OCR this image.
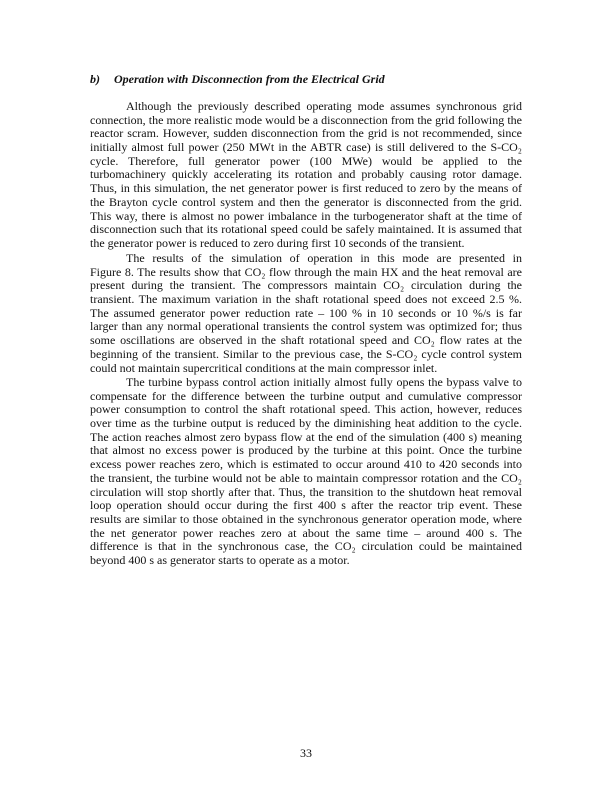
b) Operation with Disconnection from the Electrical Grid
Although the previously described operating mode assumes synchronous grid
connection, the more realistic mode would be a disconnection from the grid following the
reactor scram. However, sudden disconnection from the grid is not recommended, since
initially almost full power (250 MWt in the ABTR case) is still delivered to the S-CO₂
cycle. Therefore, full generator power (100 MWe) would be applied to the
turbomachinery quickly accelerating its rotation and probably causing rotor damage.
Thus, in this simulation, the net generator power is first reduced to zero by the means of
the Brayton cycle control system and then the generator is disconnected from the grid.
This way, there is almost no power imbalance in the turbogenerator shaft at the time of
disconnection such that its rotational speed could be safely maintained. It is assumed that
the generator power is reduced to zero during first 10 seconds of the transient.
The results of the simulation of operation in this mode are presented in
Figure 8. The results show that CO₂ flow through the main HX and the heat removal are
present during the transient. The compressors maintain CO₂ circulation during the
transient. The maximum variation in the shaft rotational speed does not exceed 2.5 %.
The assumed generator power reduction rate – 100 % in 10 seconds or 10 %/s is far
larger than any normal operational transients the control system was optimized for; thus
some oscillations are observed in the shaft rotational speed and CO₂ flow rates at the
beginning of the transient. Similar to the previous case, the S-CO₂ cycle control system
could not maintain supercritical conditions at the main compressor inlet.
The turbine bypass control action initially almost fully opens the bypass valve to
compensate for the difference between the turbine output and cumulative compressor
power consumption to control the shaft rotational speed. This action, however, reduces
over time as the turbine output is reduced by the diminishing heat addition to the cycle.
The action reaches almost zero bypass flow at the end of the simulation (400 s) meaning
that almost no excess power is produced by the turbine at this point. Once the turbine
excess power reaches zero, which is estimated to occur around 410 to 420 seconds into
the transient, the turbine would not be able to maintain compressor rotation and the CO₂
circulation will stop shortly after that. Thus, the transition to the shutdown heat removal
loop operation should occur during the first 400 s after the reactor trip event. These
results are similar to those obtained in the synchronous generator operation mode, where
the net generator power reaches zero at about the same time – around 400 s. The
difference is that in the synchronous case, the CO₂ circulation could be maintained
beyond 400 s as generator starts to operate as a motor.
33
